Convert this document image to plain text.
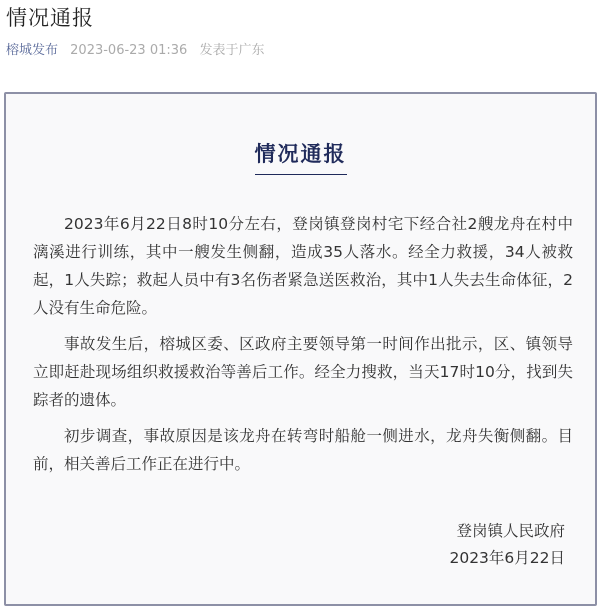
情况通报
榕城发布 2023-06-23 01:36 发表于广东
情况通报

2023年6月22日8时10分左右，登岗镇登岗村宅下经合社2艘龙舟在村中漓溪进行训练，其中一艘发生侧翻，造成35人落水。经全力救援，34人被救起，1人失踪；救起人员中有3名伤者紧急送医救治，其中1人失去生命体征，2人没有生命危险。

事故发生后，榕城区委、区政府主要领导第一时间作出批示，区、镇领导立即赶赴现场组织救援救治等善后工作。经全力搜救，当天17时10分，找到失踪者的遗体。

初步调查，事故原因是该龙舟在转弯时船舱一侧进水，龙舟失衡侧翻。目前，相关善后工作正在进行中。

登岗镇人民政府
2023年6月22日
